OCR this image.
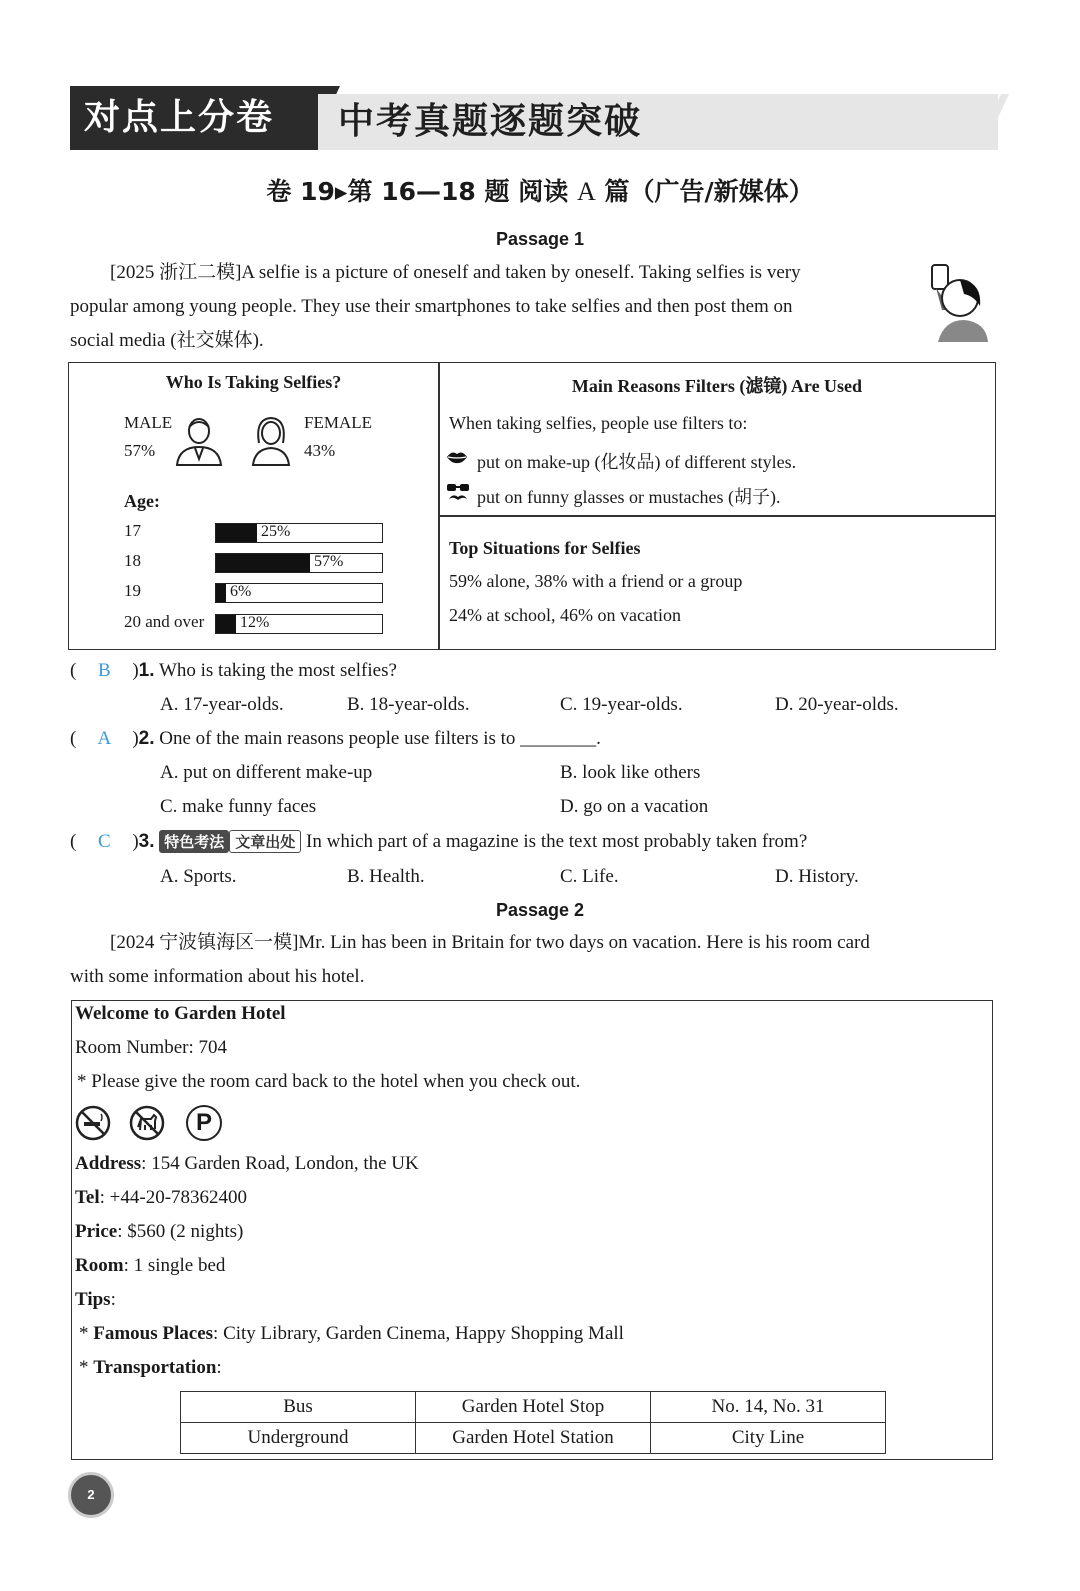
对点上分卷	中考真题逐题突破
卷 19▸第 16—18 题 阅读 A 篇（广告/新媒体）
Passage 1
[2025 浙江二模]A selfie is a picture of oneself and taken by oneself. Taking selfies is very
popular among young people. They use their smartphones to take selfies and then post them on
social media (社交媒体).
Who Is Taking Selfies?
MALE
57%
FEMALE
43%
Age:
17	25%
18	57%
19	6%
20 and over 12%
Main Reasons Filters (滤镜) Are Used
When taking selfies, people use filters to:
put on make-up (化妆品) of different styles.
put on funny glasses or mustaches (胡子).
Top Situations for Selfies
59% alone, 38% with a friend or a group
24% at school, 46% on vacation
( B )1. Who is taking the most selfies?
A. 17-year-olds.	B. 18-year-olds.	C. 19-year-olds.	D. 20-year-olds.
( A )2. One of the main reasons people use filters is to ________.
A. put on different make-up	B. look like others
C. make funny faces	D. go on a vacation
( C )3. 特色考法 文章出处 In which part of a magazine is the text most probably taken from?
A. Sports.	B. Health.	C. Life.	D. History.
Passage 2
[2024 宁波镇海区一模]Mr. Lin has been in Britain for two days on vacation. Here is his room card
with some information about his hotel.
Welcome to Garden Hotel
Room Number: 704
* Please give the room card back to the hotel when you check out.
P
Address: 154 Garden Road, London, the UK
Tel: +44-20-78362400
Price: $560 (2 nights)
Room: 1 single bed
Tips:
* Famous Places: City Library, Garden Cinema, Happy Shopping Mall
* Transportation:
Bus	Garden Hotel Stop	No. 14, No. 31
Underground	Garden Hotel Station	City Line
2
